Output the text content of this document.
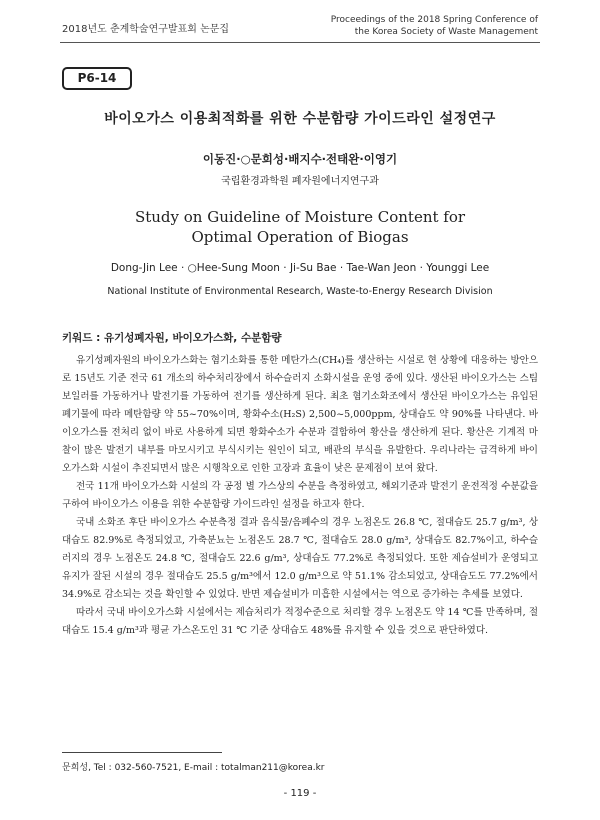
2018년도 춘계학술연구발표회 논문집
Proceedings of the 2018 Spring Conference of
the Korea Society of Waste Management
P6-14
바이오가스 이용최적화를 위한 수분함량 가이드라인 설정연구
이동진·○문희성·배지수·전태완·이영기
국립환경과학원 폐자원에너지연구과
Study on Guideline of Moisture Content for
Optimal Operation of Biogas
Dong-Jin Lee · ○Hee-Sung Moon · Ji-Su Bae · Tae-Wan Jeon · Younggi Lee
National Institute of Environmental Research, Waste-to-Energy Research Division
키워드 : 유기성폐자원, 바이오가스화, 수분함량

유기성폐자원의 바이오가스화는 혐기소화를 통한 메탄가스(CH₄)를 생산하는 시설로 현 상황에 대응하는 방안으로 15년도 기준 전국 61 개소의 하수처리장에서 하수슬러지 소화시설을 운영 중에 있다. 생산된 바이오가스는 스팀보일러를 가동하거나 발전기를 가동하여 전기를 생산하게 된다. 최초 혐기소화조에서 생산된 바이오가스는 유입된 폐기물에 따라 메탄함량 약 55~70%이며, 황화수소(H₂S) 2,500~5,000ppm, 상대습도 약 90%를 나타낸다. 바이오가스를 전처리 없이 바로 사용하게 되면 황화수소가 수분과 결합하여 황산을 생산하게 된다. 황산은 기계적 마찰이 많은 발전기 내부를 마모시키고 부식시키는 원인이 되고, 배관의 부식을 유발한다. 우리나라는 급격하게 바이오가스화 시설이 추진되면서 많은 시행착오로 인한 고장과 효율이 낮은 문제점이 보여 왔다.

전국 11개 바이오가스화 시설의 각 공정 별 가스상의 수분을 측정하였고, 해외기준과 발전기 운전적정 수분값을 구하여 바이오가스 이용을 위한 수분함량 가이드라인 설정을 하고자 한다.

국내 소화조 후단 바이오가스 수분측정 결과 음식물/음폐수의 경우 노점온도 26.8 ℃, 절대습도 25.7 g/m³, 상대습도 82.9%로 측정되었고, 가축분뇨는 노점온도 28.7 ℃, 절대습도 28.0 g/m³, 상대습도 82.7%이고, 하수슬러지의 경우 노점온도 24.8 ℃, 절대습도 22.6 g/m³, 상대습도 77.2%로 측정되었다. 또한 제습설비가 운영되고 유지가 잘된 시설의 경우 절대습도 25.5 g/m³에서 12.0 g/m³으로 약 51.1% 감소되었고, 상대습도도 77.2%에서 34.9%로 감소되는 것을 확인할 수 있었다. 반면 제습설비가 미흡한 시설에서는 역으로 증가하는 추세를 보였다.

따라서 국내 바이오가스화 시설에서는 제습처리가 적정수준으로 처리할 경우 노점온도 약 14 ℃를 만족하며, 절대습도 15.4 g/m³과 평균 가스온도인 31 ℃ 기준 상대습도 48%를 유지할 수 있을 것으로 판단하였다.

문희성, Tel : 032-560-7521, E-mail : totalman211@korea.kr
- 119 -
